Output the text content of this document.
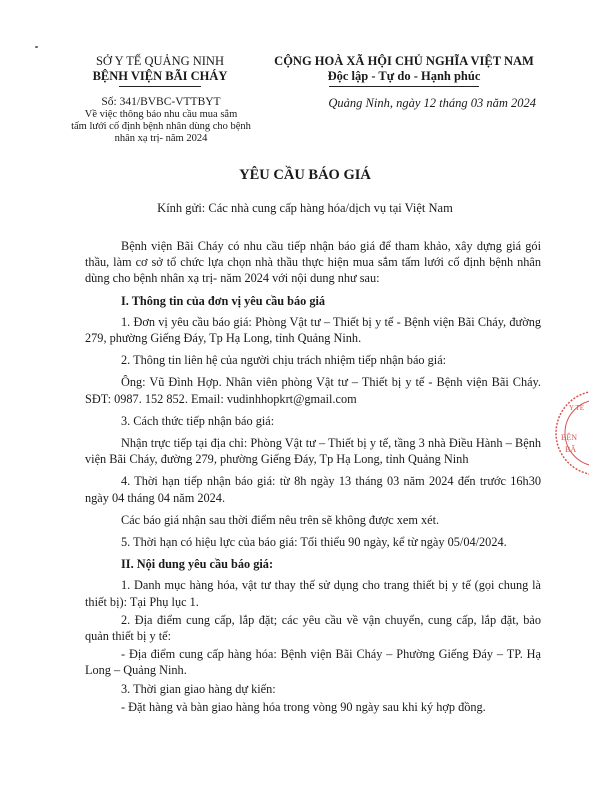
SỞ Y TẾ QUẢNG NINH
BỆNH VIỆN BÃI CHÁY
CỘNG HOÀ XÃ HỘI CHỦ NGHĨA VIỆT NAM
Độc lập - Tự do - Hạnh phúc
Số: 341/BVBC-VTTBYT
Về việc thông báo nhu cầu mua sắm
tấm lưới cố định bệnh nhân dùng cho bệnh
nhân xạ trị- năm 2024
Quảng Ninh, ngày 12 tháng 03 năm 2024
YÊU CẦU BÁO GIÁ
Kính gửi: Các nhà cung cấp hàng hóa/dịch vụ tại Việt Nam

Bệnh viện Bãi Cháy có nhu cầu tiếp nhận báo giá để tham khảo, xây dựng giá gói thầu, làm cơ sở tổ chức lựa chọn nhà thầu thực hiện mua sắm tấm lưới cố định bệnh nhân dùng cho bệnh nhân xạ trị- năm 2024 với nội dung như sau:

I. Thông tin của đơn vị yêu cầu báo giá

1. Đơn vị yêu cầu báo giá: Phòng Vật tư – Thiết bị y tế - Bệnh viện Bãi Cháy, đường 279, phường Giếng Đáy, Tp Hạ Long, tỉnh Quảng Ninh.

2. Thông tin liên hệ của người chịu trách nhiệm tiếp nhận báo giá:

Ông: Vũ Đình Hợp. Nhân viên phòng Vật tư – Thiết bị y tế - Bệnh viện Bãi Cháy. SĐT: 0987. 152 852. Email: vudinhhopkrt@gmail.com

3. Cách thức tiếp nhận báo giá:

Nhận trực tiếp tại địa chỉ: Phòng Vật tư – Thiết bị y tế, tầng 3 nhà Điều Hành – Bệnh viện Bãi Cháy, đường 279, phường Giếng Đáy, Tp Hạ Long, tỉnh Quảng Ninh

4. Thời hạn tiếp nhận báo giá: từ 8h ngày 13 tháng 03 năm 2024 đến trước 16h30 ngày 04 tháng 04 năm 2024.

Các báo giá nhận sau thời điểm nêu trên sẽ không được xem xét.

5. Thời hạn có hiệu lực của báo giá: Tối thiểu 90 ngày, kể từ ngày 05/04/2024.

II. Nội dung yêu cầu báo giá:

1. Danh mục hàng hóa, vật tư thay thế sử dụng cho trang thiết bị y tế (gọi chung là thiết bị): Tại Phụ lục 1.

2. Địa điểm cung cấp, lắp đặt; các yêu cầu về vận chuyển, cung cấp, lắp đặt, bảo quản thiết bị y tế:

- Địa điểm cung cấp hàng hóa: Bệnh viện Bãi Cháy – Phường Giếng Đáy – TP. Hạ Long – Quảng Ninh.

3. Thời gian giao hàng dự kiến:

- Đặt hàng và bàn giao hàng hóa trong vòng 90 ngày sau khi ký hợp đồng.

Y TẾ
BỆN
BÃ
